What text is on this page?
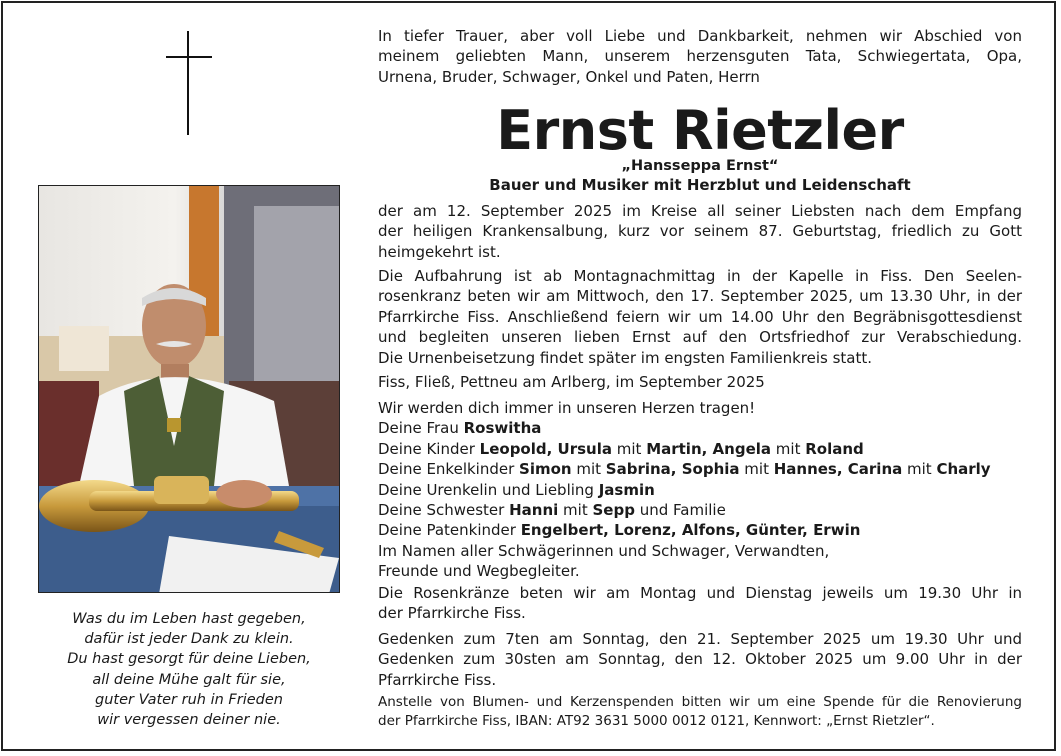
Was du im Leben hast gegeben,
dafür ist jeder Dank zu klein.
Du hast gesorgt für deine Lieben,
all deine Mühe galt für sie,
guter Vater ruh in Frieden
wir vergessen deiner nie.
In tiefer Trauer, aber voll Liebe und Dankbarkeit, nehmen wir Abschied von
meinem geliebten Mann, unserem herzensguten Tata, Schwiegertata, Opa,
Urnena, Bruder, Schwager, Onkel und Paten, Herrn
Ernst Rietzler
„Hansseppa Ernst“
Bauer und Musiker mit Herzblut und Leidenschaft
der am 12. September 2025 im Kreise all seiner Liebsten nach dem Empfang
der heiligen Krankensalbung, kurz vor seinem 87. Geburtstag, friedlich zu Gott
heimgekehrt ist.
Die Aufbahrung ist ab Montagnachmittag in der Kapelle in Fiss. Den Seelen-
rosenkranz beten wir am Mittwoch, den 17. September 2025, um 13.30 Uhr, in der
Pfarrkirche Fiss. Anschließend feiern wir um 14.00 Uhr den Begräbnisgottesdienst
und begleiten unseren lieben Ernst auf den Ortsfriedhof zur Verabschiedung.
Die Urnenbeisetzung findet später im engsten Familienkreis statt.
Fiss, Fließ, Pettneu am Arlberg, im September 2025
Wir werden dich immer in unseren Herzen tragen!
Deine Frau Roswitha
Deine Kinder Leopold, Ursula mit Martin, Angela mit Roland
Deine Enkelkinder Simon mit Sabrina, Sophia mit Hannes, Carina mit Charly
Deine Urenkelin und Liebling Jasmin
Deine Schwester Hanni mit Sepp und Familie
Deine Patenkinder Engelbert, Lorenz, Alfons, Günter, Erwin
Im Namen aller Schwägerinnen und Schwager, Verwandten,
Freunde und Wegbegleiter.
Die Rosenkränze beten wir am Montag und Dienstag jeweils um 19.30 Uhr in
der Pfarrkirche Fiss.
Gedenken zum 7ten am Sonntag, den 21. September 2025 um 19.30 Uhr und
Gedenken zum 30sten am Sonntag, den 12. Oktober 2025 um 9.00 Uhr in der
Pfarrkirche Fiss.
Anstelle von Blumen- und Kerzenspenden bitten wir um eine Spende für die Renovierung
der Pfarrkirche Fiss, IBAN: AT92 3631 5000 0012 0121, Kennwort: „Ernst Rietzler“.
